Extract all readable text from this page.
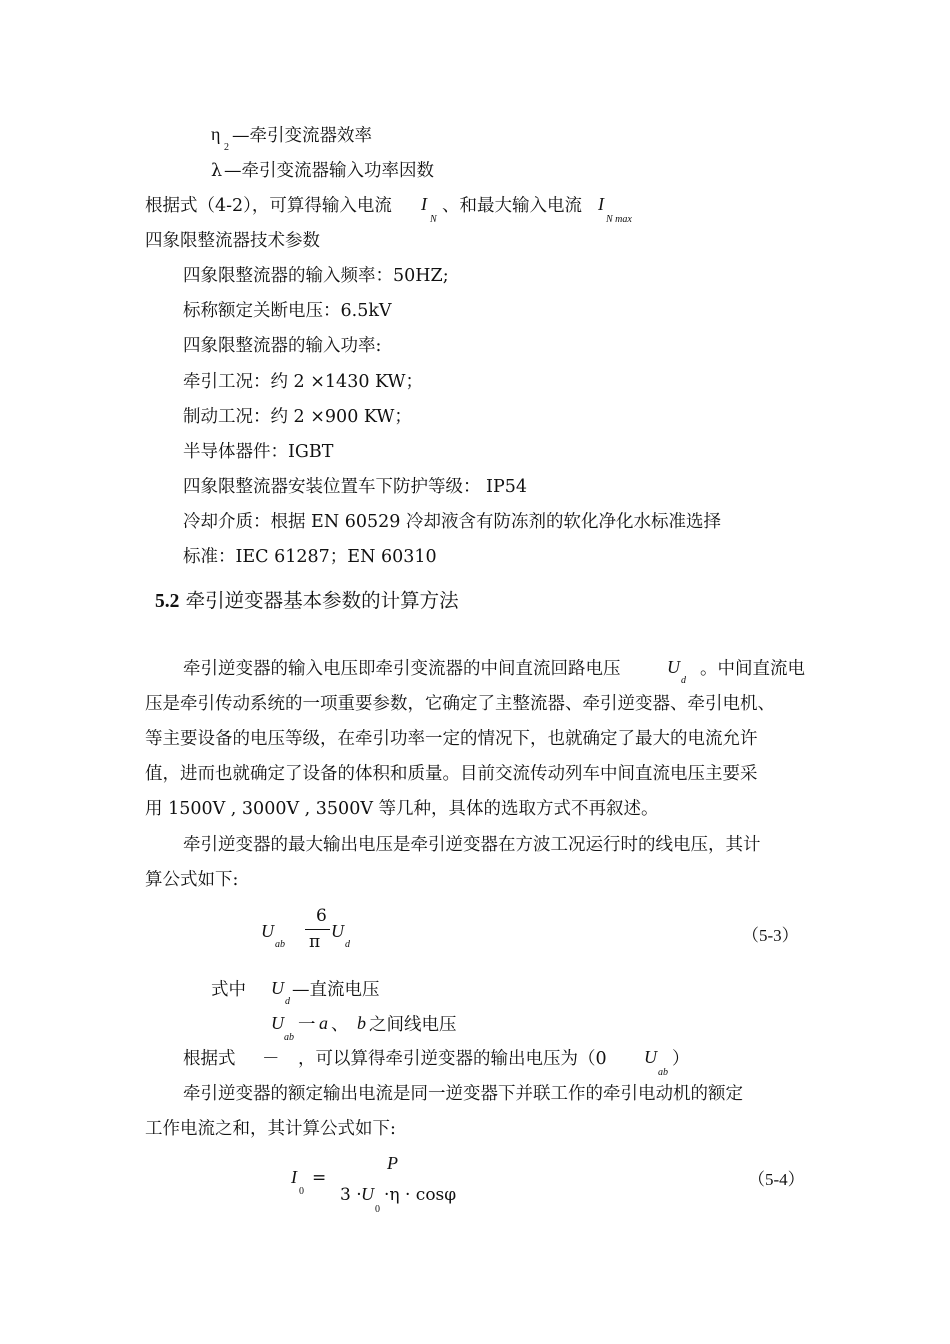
η
2
—牵引变流器效率
λ —牵引变流器输入功率因数
根据式（4-2），可算得输入电流 I
N
、和最大输入电流 I
N max
四象限整流器技术参数
四象限整流器的输入频率：50HZ;
标称额定关断电压：6.5kV
四象限整流器的输入功率:
牵引工况：约 2 ×1430 KW；
制动工况：约 2 ×900 KW；
半导体器件：IGBT
四象限整流器安装位置车下防护等级： IP54
冷却介质：根据 EN 60529 冷却液含有防冻剂的软化净化水标准选择
标准：IEC 61287；EN 60310
5.2 牵引逆变器基本参数的计算方法
牵引逆变器的输入电压即牵引变流器的中间直流回路电压	U
d
。中间直流电
压是牵引传动系统的一项重要参数，它确定了主整流器、牵引逆变器、牵引电机、
等主要设备的电压等级，在牵引功率一定的情况下，也就确定了最大的电流允许
值，进而也就确定了设备的体积和质量。目前交流传动列车中间直流电压主要采
用 1500V , 3000V , 3500V 等几种，具体的选取方式不再叙述。
牵引逆变器的最大输出电压是牵引逆变器在方波工况运行时的线电压，其计
算公式如下:
U
ab
6
π
U
d	（5-3）
式中 U
d
—直流电压
U
ab
一 a 、 b 之间线电压
根据式 － ，可以算得牵引逆变器的输出电压为（0 U
ab
）
牵引逆变器的额定输出电流是同一逆变器下并联工作的牵引电动机的额定
工作电流之和，其计算公式如下:
I
0
=
P
3 · U
0
·η · cosφ
（5-4）
